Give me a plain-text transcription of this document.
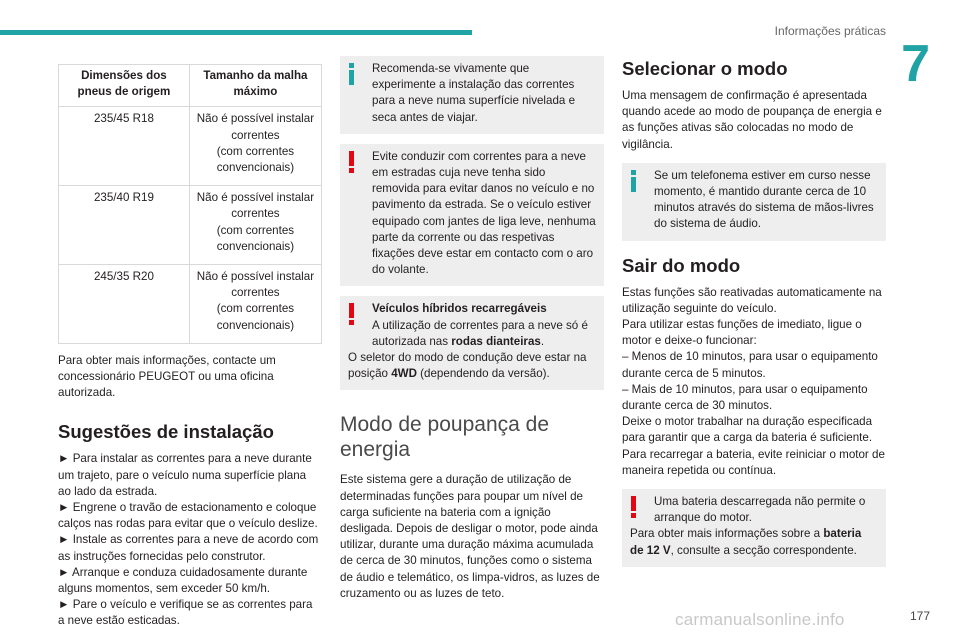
Informações práticas
7
Dimensões dos pneus de origem	Tamanho da malha máximo
235/45 R18	Não é possível instalar correntes
(com correntes convencionais)

235/40 R19	Não é possível instalar correntes
(com correntes convencionais)

245/35 R20	Não é possível instalar correntes
(com correntes convencionais)

Para obter mais informações, contacte um concessionário PEUGEOT ou uma oficina autorizada.

Sugestões de instalação

► Para instalar as correntes para a neve durante um trajeto, pare o veículo numa superfície plana ao lado da estrada.

► Engrene o travão de estacionamento e coloque calços nas rodas para evitar que o veículo deslize.

► Instale as correntes para a neve de acordo com as instruções fornecidas pelo construtor.

► Arranque e conduza cuidadosamente durante alguns momentos, sem exceder 50 km/h.

► Pare o veículo e verifique se as correntes para a neve estão esticadas.

Recomenda-se vivamente que experimente a instalação das correntes para a neve numa superfície nivelada e seca antes de viajar.
Evite conduzir com correntes para a neve em estradas cuja neve tenha sido removida para evitar danos no veículo e no pavimento da estrada. Se o veículo estiver equipado com jantes de liga leve, nenhuma parte da corrente ou das respetivas fixações deve estar em contacto com o aro do volante.
Veículos híbridos recarregáveis
A utilização de correntes para a neve só é autorizada nas rodas dianteiras.
O seletor do modo de condução deve estar na posição 4WD (dependendo da versão).
Modo de poupança de energia

Este sistema gere a duração de utilização de determinadas funções para poupar um nível de carga suficiente na bateria com a ignição desligada. Depois de desligar o motor, pode ainda utilizar, durante uma duração máxima acumulada de cerca de 30 minutos, funções como o sistema de áudio e telemático, os limpa-vidros, as luzes de cruzamento ou as luzes de teto.

Selecionar o modo

Uma mensagem de confirmação é apresentada quando acede ao modo de poupança de energia e as funções ativas são colocadas no modo de vigilância.

Se um telefonema estiver em curso nesse momento, é mantido durante cerca de 10 minutos através do sistema de mãos-livres do sistema de áudio.
Sair do modo

Estas funções são reativadas automaticamente na utilização seguinte do veículo.

Para utilizar estas funções de imediato, ligue o motor e deixe-o funcionar:

– Menos de 10 minutos, para usar o equipamento durante cerca de 5 minutos.

– Mais de 10 minutos, para usar o equipamento durante cerca de 30 minutos.

Deixe o motor trabalhar na duração especificada para garantir que a carga da bateria é suficiente.

Para recarregar a bateria, evite reiniciar o motor de maneira repetida ou contínua.

Uma bateria descarregada não permite o arranque do motor.
Para obter mais informações sobre a bateria de 12 V, consulte a secção correspondente.
carmanualsonline.info	177
